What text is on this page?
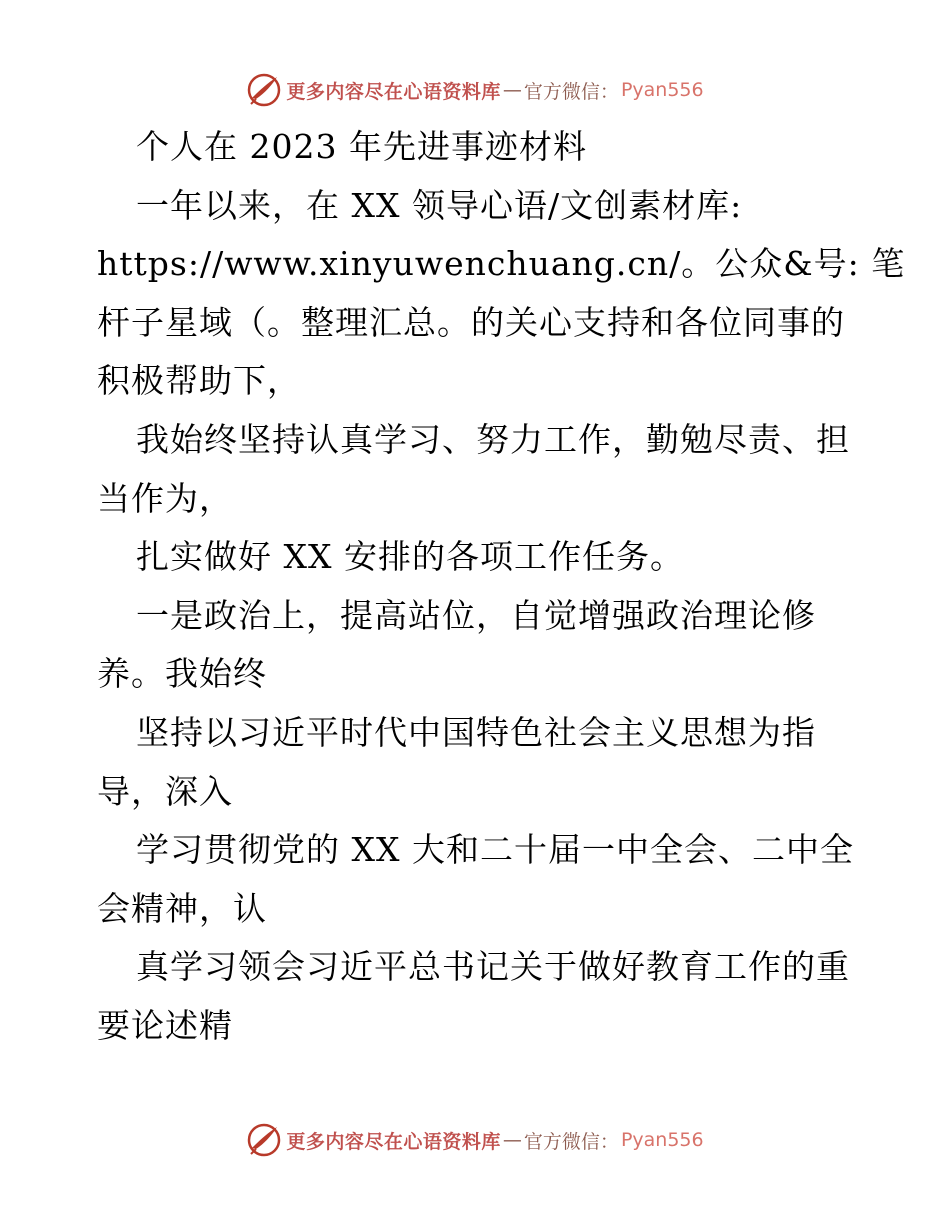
更多内容尽在心语资料库 — 官方微信： Pyan556
个人在 2023 年先进事迹材料
一年以来，在 XX 领导心语/文创素材库:
https://www.xinyuwenchuang.cn/。公众&号: 笔
杆子星域（。整理汇总。的关心支持和各位同事的
积极帮助下，
我始终坚持认真学习、努力工作，勤勉尽责、担
当作为，
扎实做好 XX 安排的各项工作任务。
一是政治上，提高站位，自觉增强政治理论修
养。我始终
坚持以习近平时代中国特色社会主义思想为指
导，深入
学习贯彻党的 XX 大和二十届一中全会、二中全
会精神，认
真学习领会习近平总书记关于做好教育工作的重
要论述精
更多内容尽在心语资料库 — 官方微信： Pyan556
